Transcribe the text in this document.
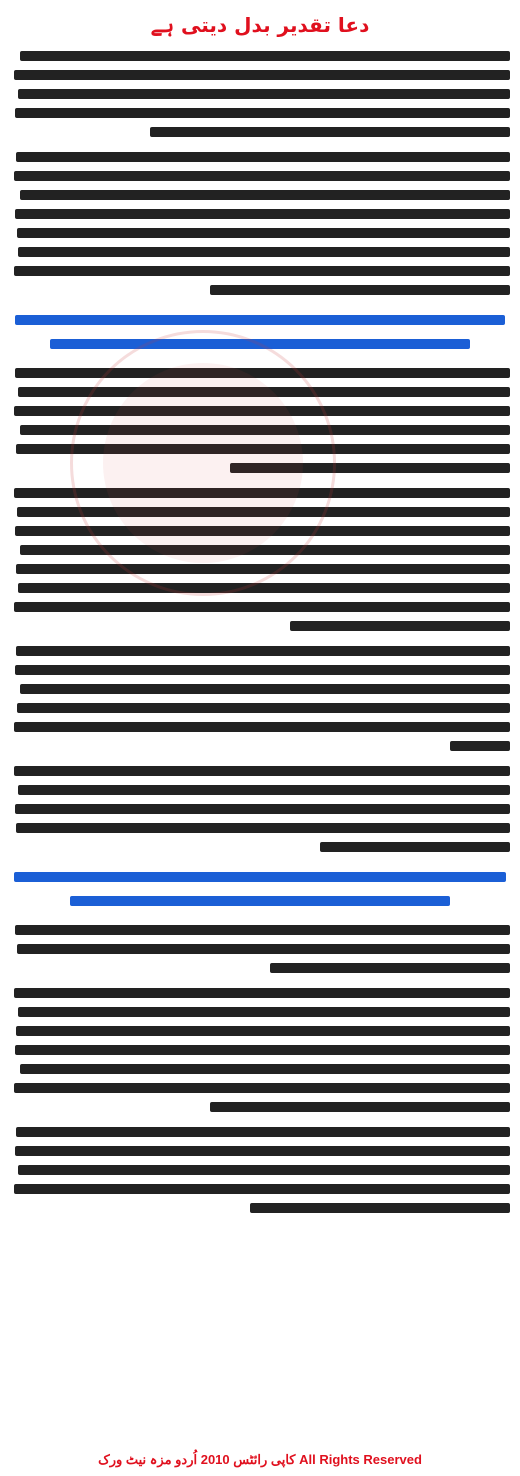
دعا تقدیر بدل دیتی ہے
All Rights Reserved کاپی رائٹس 2010 اُردو مزہ نیٹ ورک
